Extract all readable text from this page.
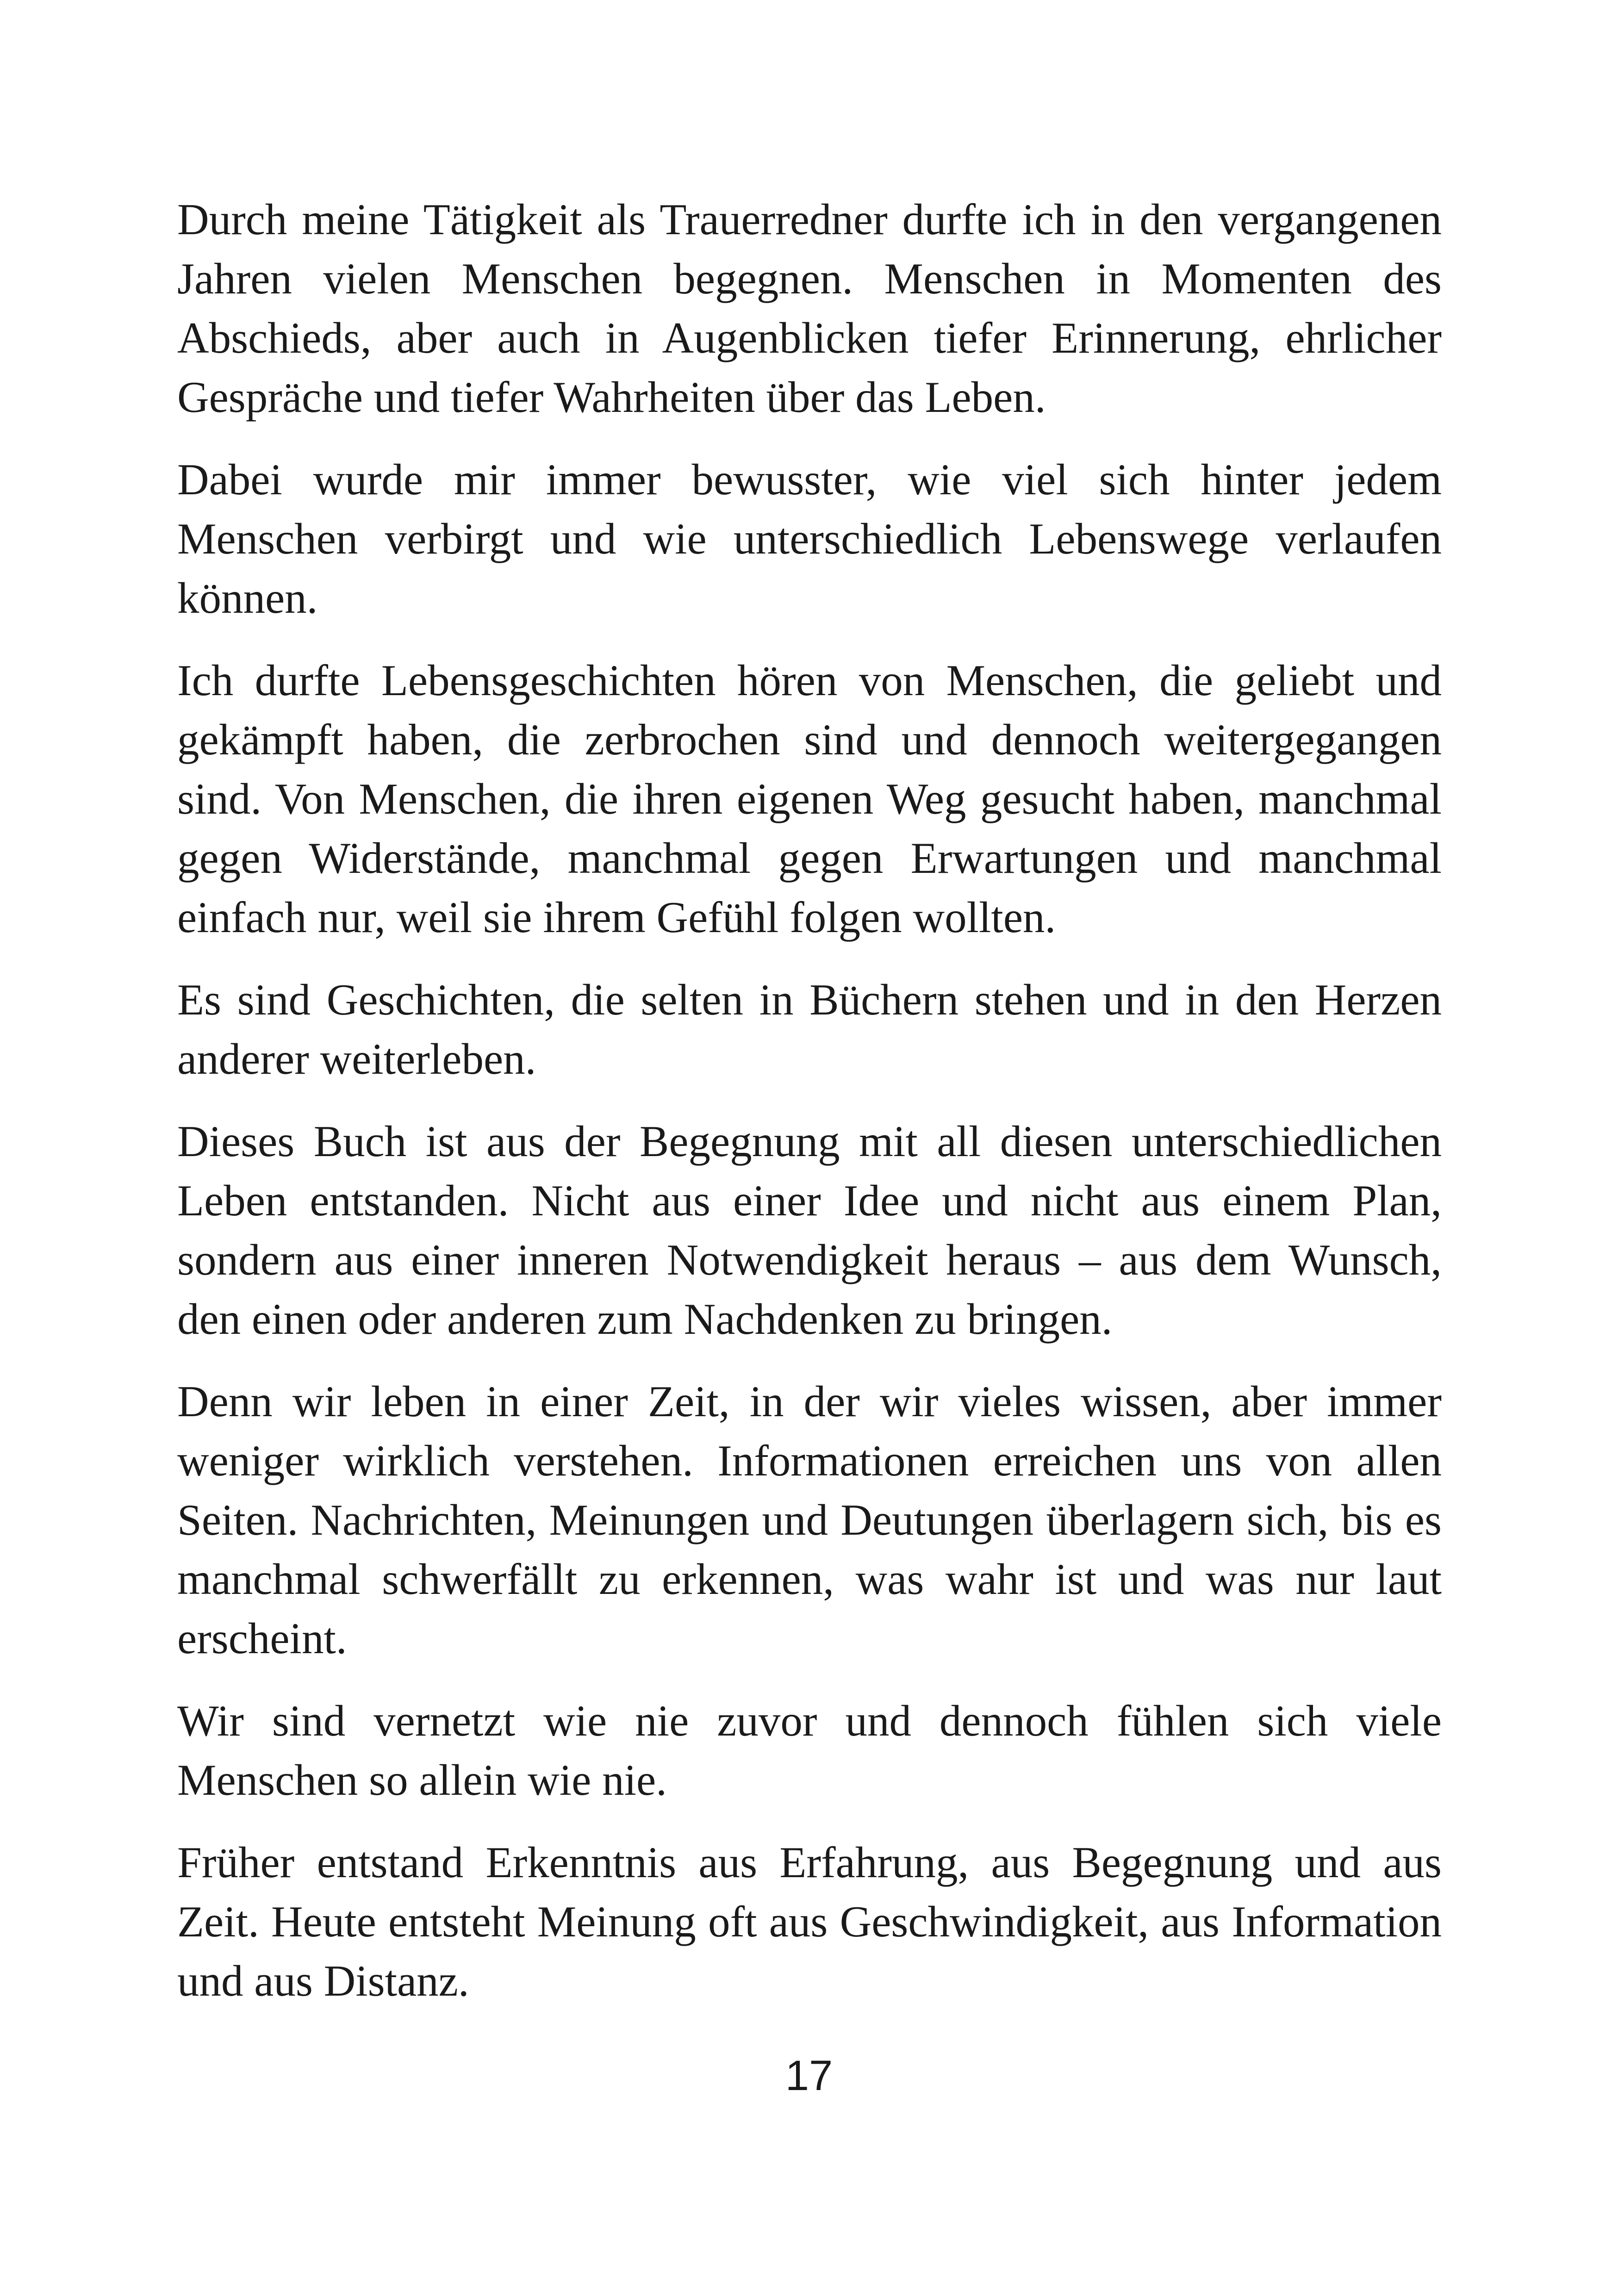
Durch meine Tätigkeit als Trauerredner durfte ich in den vergangenen Jahren vielen Menschen begegnen. Menschen in Momenten des Abschieds, aber auch in Augenblicken tiefer Erinnerung, ehrlicher Gespräche und tiefer Wahrheiten über das Leben.

Dabei wurde mir immer bewusster, wie viel sich hinter jedem Menschen verbirgt und wie unterschiedlich Lebenswege verlaufen können.

Ich durfte Lebensgeschichten hören von Menschen, die geliebt und gekämpft haben, die zerbrochen sind und dennoch weitergegangen sind. Von Menschen, die ihren eigenen Weg gesucht haben, manchmal gegen Widerstände, manchmal gegen Erwartungen und manchmal einfach nur, weil sie ihrem Gefühl folgen wollten.

Es sind Geschichten, die selten in Büchern stehen und in den Herzen anderer weiterleben.

Dieses Buch ist aus der Begegnung mit all diesen unterschiedlichen Leben entstanden. Nicht aus einer Idee und nicht aus einem Plan, sondern aus einer inneren Notwendigkeit heraus – aus dem Wunsch, den einen oder anderen zum Nachdenken zu bringen.

Denn wir leben in einer Zeit, in der wir vieles wissen, aber immer weniger wirklich verstehen. Informationen erreichen uns von allen Seiten. Nachrichten, Meinungen und Deutungen überlagern sich, bis es manchmal schwerfällt zu erkennen, was wahr ist und was nur laut erscheint.

Wir sind vernetzt wie nie zuvor und dennoch fühlen sich viele Menschen so allein wie nie.

Früher entstand Erkenntnis aus Erfahrung, aus Begegnung und aus Zeit. Heute entsteht Meinung oft aus Geschwindigkeit, aus Information und aus Distanz.

17
